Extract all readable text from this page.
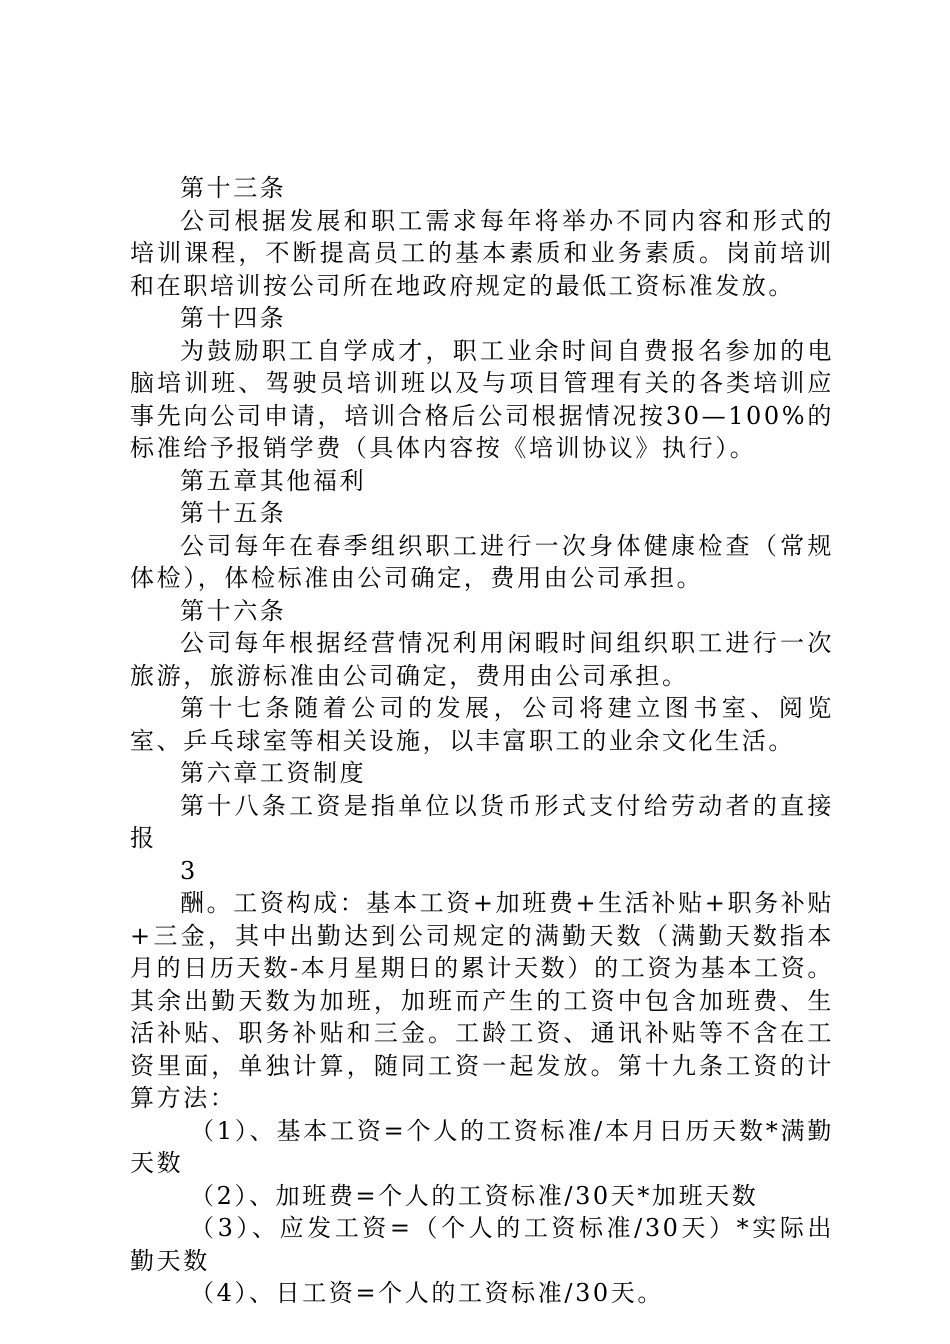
第十三条

公司根据发展和职工需求每年将举办不同内容和形式的培训课程，不断提高员工的基本素质和业务素质。岗前培训和在职培训按公司所在地政府规定的最低工资标准发放。

第十四条

为鼓励职工自学成才，职工业余时间自费报名参加的电脑培训班、驾驶员培训班以及与项目管理有关的各类培训应事先向公司申请，培训合格后公司根据情况按30—100%的标准给予报销学费（具体内容按《培训协议》执行）。

第五章其他福利

第十五条

公司每年在春季组织职工进行一次身体健康检查（常规体检），体检标准由公司确定，费用由公司承担。

第十六条

公司每年根据经营情况利用闲暇时间组织职工进行一次旅游，旅游标准由公司确定，费用由公司承担。

第十七条随着公司的发展，公司将建立图书室、阅览室、乒乓球室等相关设施，以丰富职工的业余文化生活。

第六章工资制度

第十八条工资是指单位以货币形式支付给劳动者的直接报

3

酬。工资构成：基本工资+加班费+生活补贴+职务补贴+三金，其中出勤达到公司规定的满勤天数（满勤天数指本月的日历天数-本月星期日的累计天数）的工资为基本工资。其余出勤天数为加班，加班而产生的工资中包含加班费、生活补贴、职务补贴和三金。工龄工资、通讯补贴等不含在工资里面，单独计算，随同工资一起发放。第十九条工资的计算方法：

（1）、基本工资=个人的工资标准/本月日历天数*满勤天数

（2）、加班费=个人的工资标准/30天*加班天数

（3）、应发工资=（个人的工资标准/30天）*实际出勤天数

（4）、日工资=个人的工资标准/30天。
